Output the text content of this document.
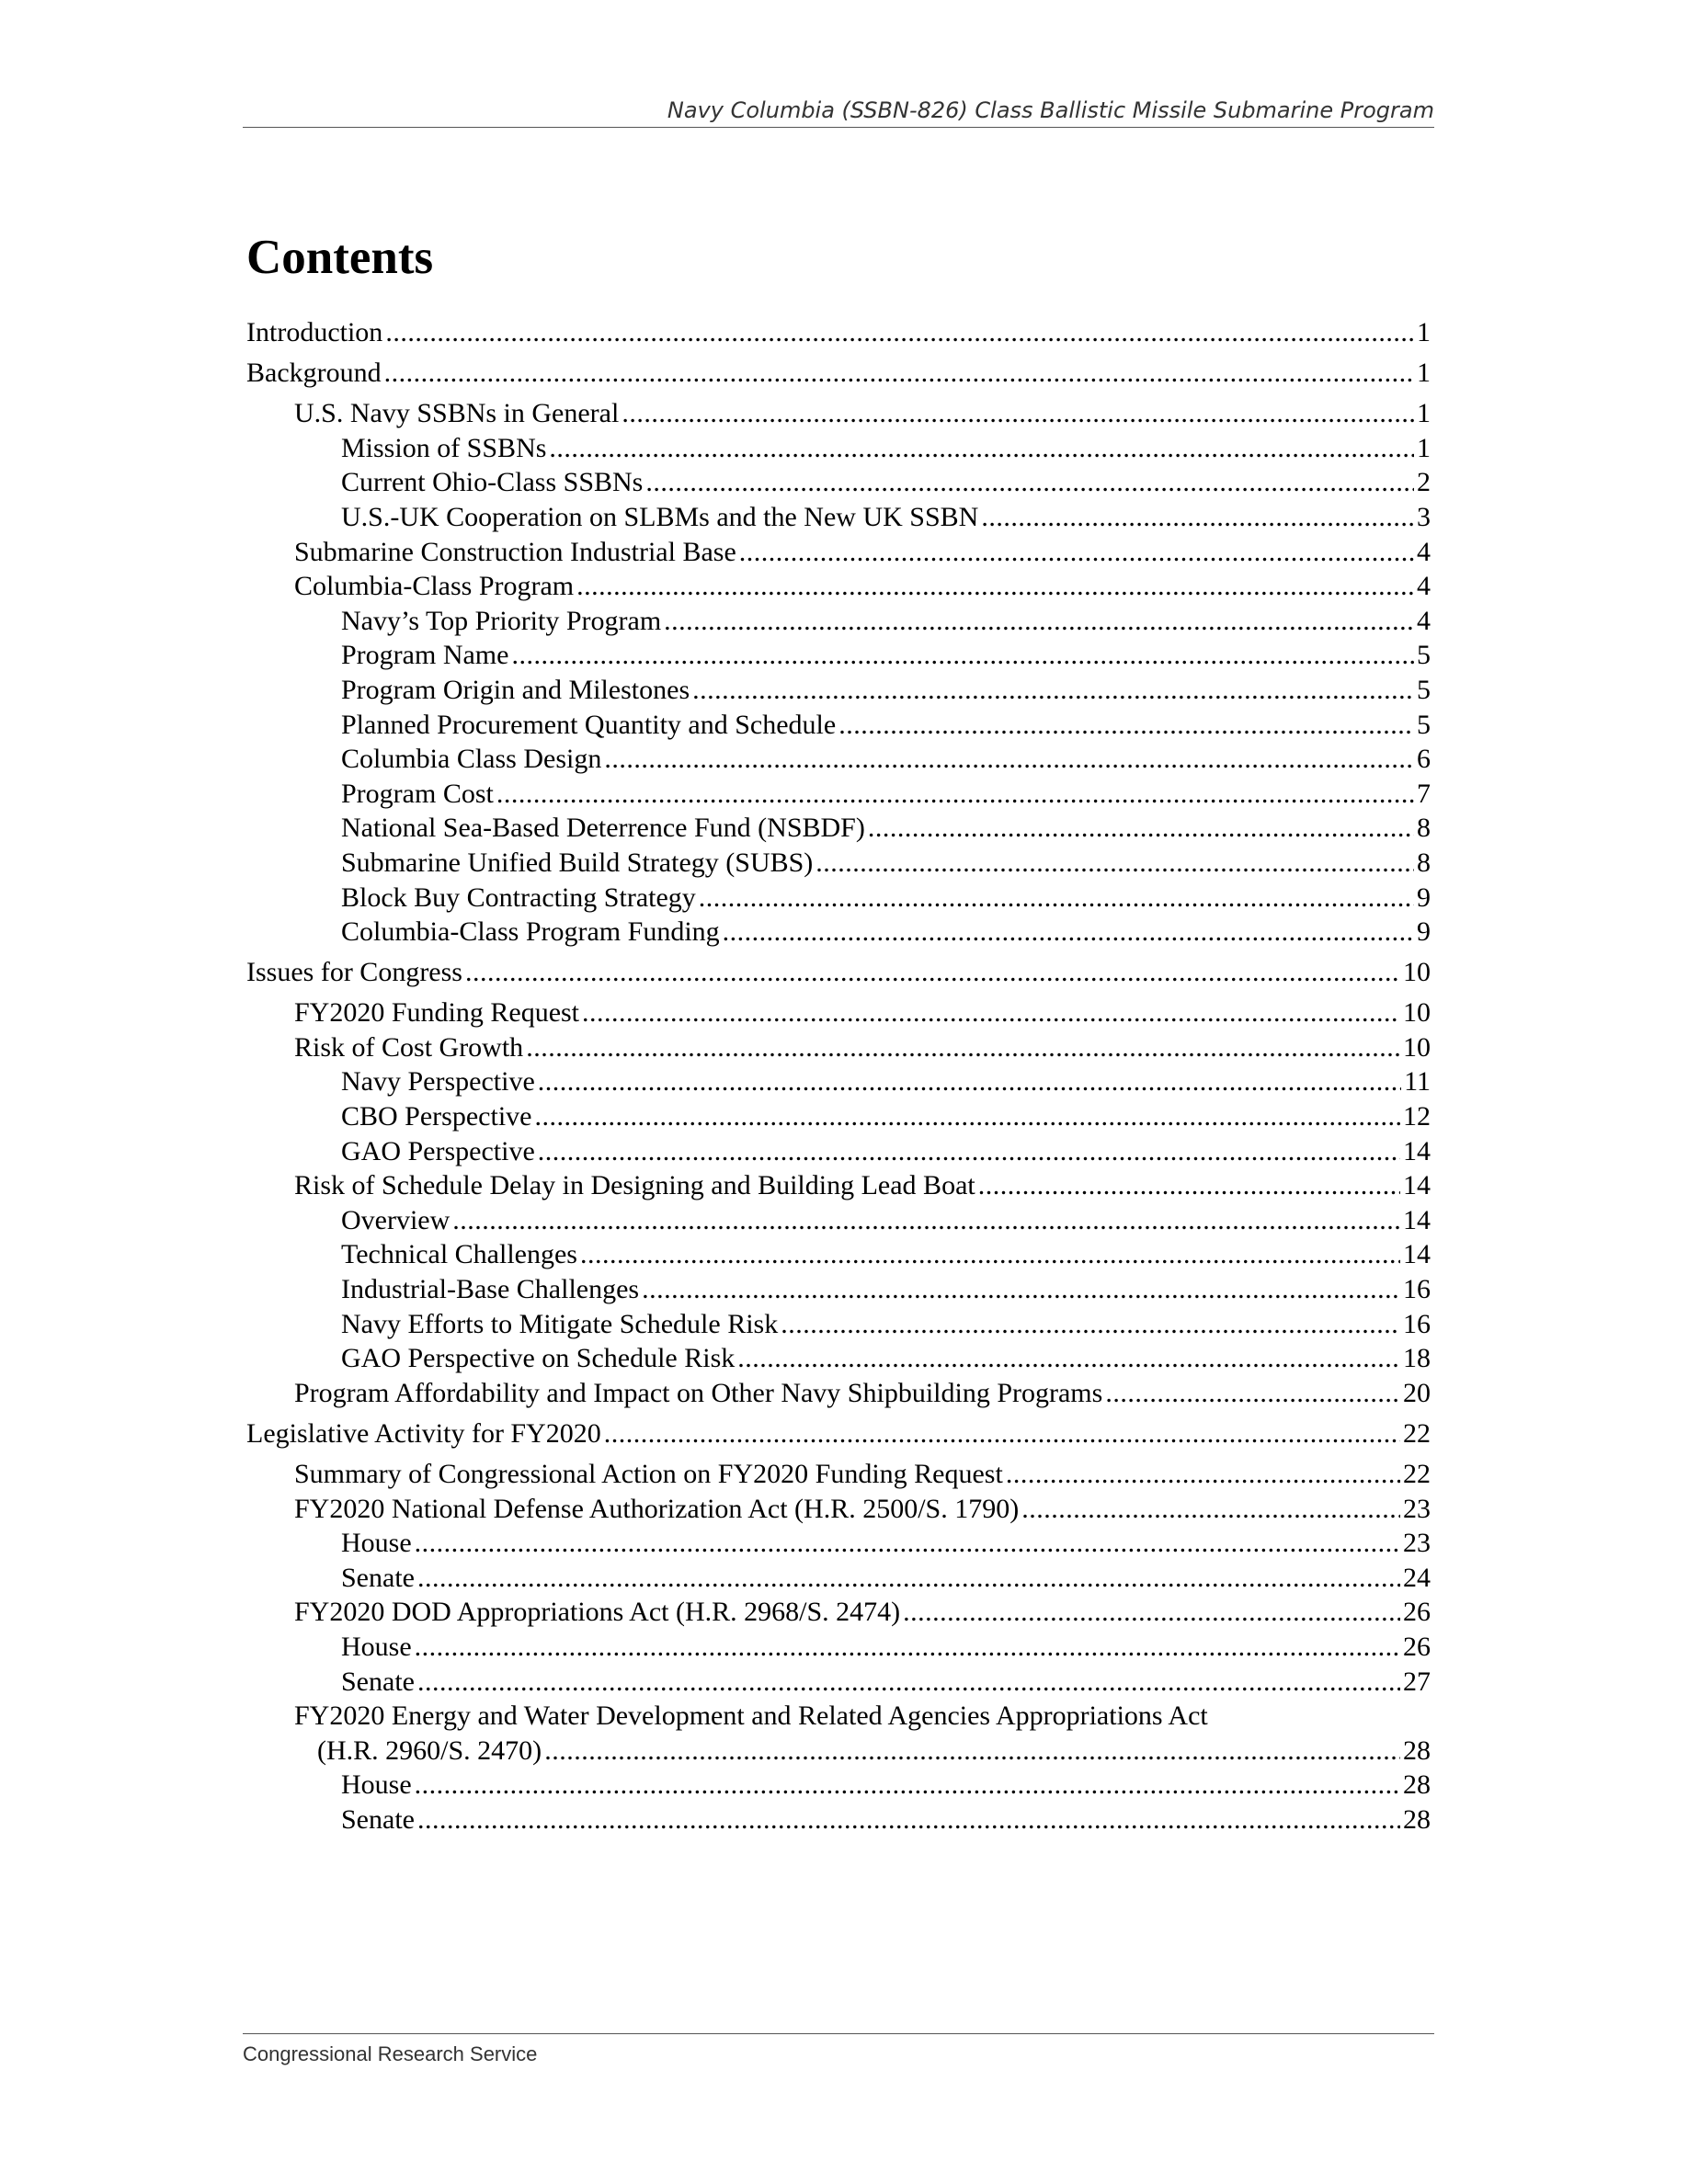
Navy Columbia (SSBN-826) Class Ballistic Missile Submarine Program
Contents
Introduction .....	1
Background .....	1
U.S. Navy SSBNs in General .....	1
Mission of SSBNs .....	1
Current Ohio-Class SSBNs .....	2
U.S.-UK Cooperation on SLBMs and the New UK SSBN .....	3
Submarine Construction Industrial Base .....	4
Columbia-Class Program .....	4
Navy’s Top Priority Program .....	4
Program Name .....	5
Program Origin and Milestones .....	5
Planned Procurement Quantity and Schedule .....	5
Columbia Class Design .....	6
Program Cost .....	7
National Sea-Based Deterrence Fund (NSBDF) .....	8
Submarine Unified Build Strategy (SUBS) .....	8
Block Buy Contracting Strategy .....	9
Columbia-Class Program Funding .....	9
Issues for Congress .....	10
FY2020 Funding Request .....	10
Risk of Cost Growth .....	10
Navy Perspective .....	11
CBO Perspective .....	12
GAO Perspective .....	14
Risk of Schedule Delay in Designing and Building Lead Boat .....	14
Overview .....	14
Technical Challenges .....	14
Industrial-Base Challenges .....	16
Navy Efforts to Mitigate Schedule Risk .....	16
GAO Perspective on Schedule Risk .....	18
Program Affordability and Impact on Other Navy Shipbuilding Programs .....	20
Legislative Activity for FY2020 .....	22
Summary of Congressional Action on FY2020 Funding Request .....	22
FY2020 National Defense Authorization Act (H.R. 2500/S. 1790) .....	23
House .....	23
Senate .....	24
FY2020 DOD Appropriations Act (H.R. 2968/S. 2474) .....	26
House .....	26
Senate .....	27
FY2020 Energy and Water Development and Related Agencies Appropriations Act
(H.R. 2960/S. 2470) .....	28
House .....	28
Senate .....	28
Congressional Research Service
